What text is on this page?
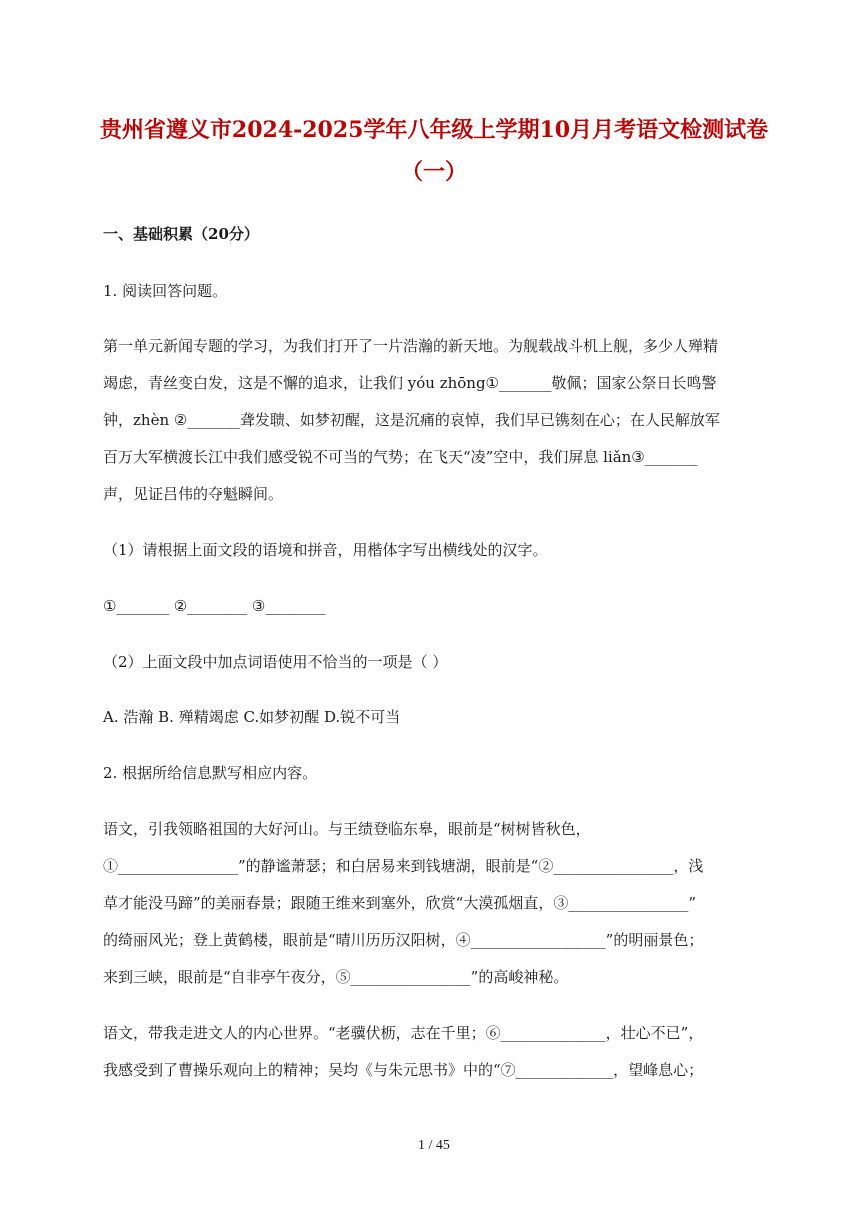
贵州省遵义市2024-2025学年八年级上学期10月月考语文检测试卷
（一）
一、基础积累（20分）
1. 阅读回答问题。
第一单元新闻专题的学习，为我们打开了一片浩瀚的新天地。为舰载战斗机上舰，多少人殚精
竭虑，青丝变白发，这是不懈的追求，让我们 yóu zhōng①_______敬佩；国家公祭日长鸣警
钟，zhèn ②_______聋发聩、如梦初醒，这是沉痛的哀悼，我们早已镌刻在心；在人民解放军
百万大军横渡长江中我们感受锐不可当的气势；在飞天“凌”空中，我们屏息 liǎn③_______
声，见证吕伟的夺魁瞬间。
（1）请根据上面文段的语境和拼音，用楷体字写出横线处的汉字。
①_______ ②________ ③________
（2）上面文段中加点词语使用不恰当的一项是（ ）
A. 浩瀚 B. 殚精竭虑 C.如梦初醒 D.锐不可当
2. 根据所给信息默写相应内容。
语文，引我领略祖国的大好河山。与王绩登临东皋，眼前是“树树皆秋色，
①________________”的静谧萧瑟；和白居易来到钱塘湖，眼前是“②________________，浅
草才能没马蹄”的美丽春景；跟随王维来到塞外，欣赏“大漠孤烟直，③________________”
的绮丽风光；登上黄鹤楼，眼前是“晴川历历汉阳树，④__________________”的明丽景色；
来到三峡，眼前是“自非亭午夜分，⑤________________”的高峻神秘。
语文，带我走进文人的内心世界。“老骥伏枥，志在千里；⑥______________，壮心不已”，
我感受到了曹操乐观向上的精神；吴均《与朱元思书》中的“⑦_____________，望峰息心；
1 / 45
